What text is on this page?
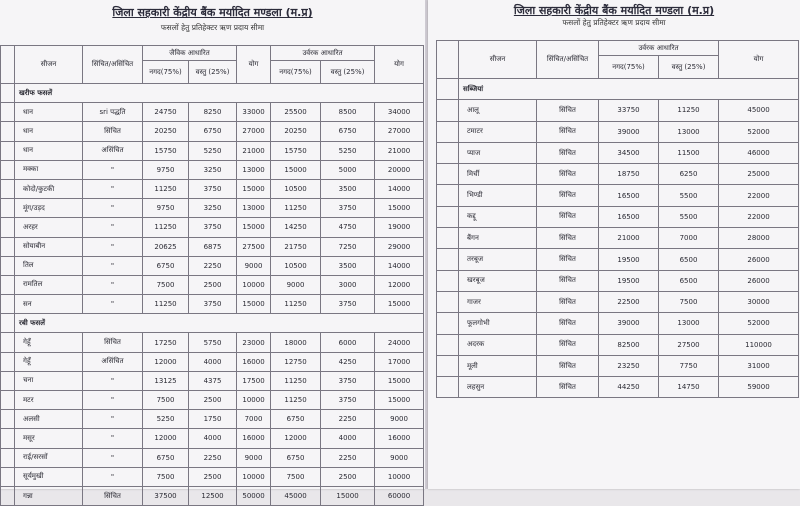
जिला सहकारी केंद्रीय बैंक मर्यादित मण्डला (म.प्र)
फसलों हेतु प्रतिहेक्टर ऋण प्रदाय सीमा
	सीजन	सिंचित/असिंचित	जैविक आधारित		योग	उर्वरक आधारित		योग
			नगद(75%)	वस्तु (25%)		नगद(75%)	वस्तु (25%)	
	खरीफ फसलें							
	धान	sri पद्धति	24750	8250	33000	25500	8500	34000
	धान	सिंचित	20250	6750	27000	20250	6750	27000
	धान	असिंचित	15750	5250	21000	15750	5250	21000
	मक्का	"	9750	3250	13000	15000	5000	20000
	कोदो/कुटकी	"	11250	3750	15000	10500	3500	14000
	मूंग/उड़द	"	9750	3250	13000	11250	3750	15000
	अरहर	"	11250	3750	15000	14250	4750	19000
	सोयाबीन	"	20625	6875	27500	21750	7250	29000
	तिल	"	6750	2250	9000	10500	3500	14000
	रामतिल	"	7500	2500	10000	9000	3000	12000
	सन	"	11250	3750	15000	11250	3750	15000
	रबी फसलें							
	गेहूँ	सिंचित	17250	5750	23000	18000	6000	24000
	गेहूँ	असिंचित	12000	4000	16000	12750	4250	17000
	चना	"	13125	4375	17500	11250	3750	15000
	मटर	"	7500	2500	10000	11250	3750	15000
	अलसी	"	5250	1750	7000	6750	2250	9000
	मसूर	"	12000	4000	16000	12000	4000	16000
	राई/सरसों	"	6750	2250	9000	6750	2250	9000
	सूर्यमुखी	"	7500	2500	10000	7500	2500	10000
	गन्ना	सिंचित	37500	12500	50000	45000	15000	60000
जिला सहकारी केंद्रीय बैंक मर्यादित मण्डला (म.प्र)
फसलों हेतु प्रतिहेक्टर ऋण प्रदाय सीमा
	सीजन	सिंचित/असिंचित	उर्वरक आधारित		योग
			नगद(75%)	वस्तु (25%)	
	सब्जियां				
	आलू	सिंचित	33750	11250	45000
	टमाटर	सिंचित	39000	13000	52000
	प्याज	सिंचित	34500	11500	46000
	मिर्ची	सिंचित	18750	6250	25000
	भिण्डी	सिंचित	16500	5500	22000
	कद्दू	सिंचित	16500	5500	22000
	बैंगन	सिंचित	21000	7000	28000
	तरबूज	सिंचित	19500	6500	26000
	खरबूज	सिंचित	19500	6500	26000
	गाजर	सिंचित	22500	7500	30000
	फूलगोभी	सिंचित	39000	13000	52000
	अदरक	सिंचित	82500	27500	110000
	मूली	सिंचित	23250	7750	31000
	लहसुन	सिंचित	44250	14750	59000
